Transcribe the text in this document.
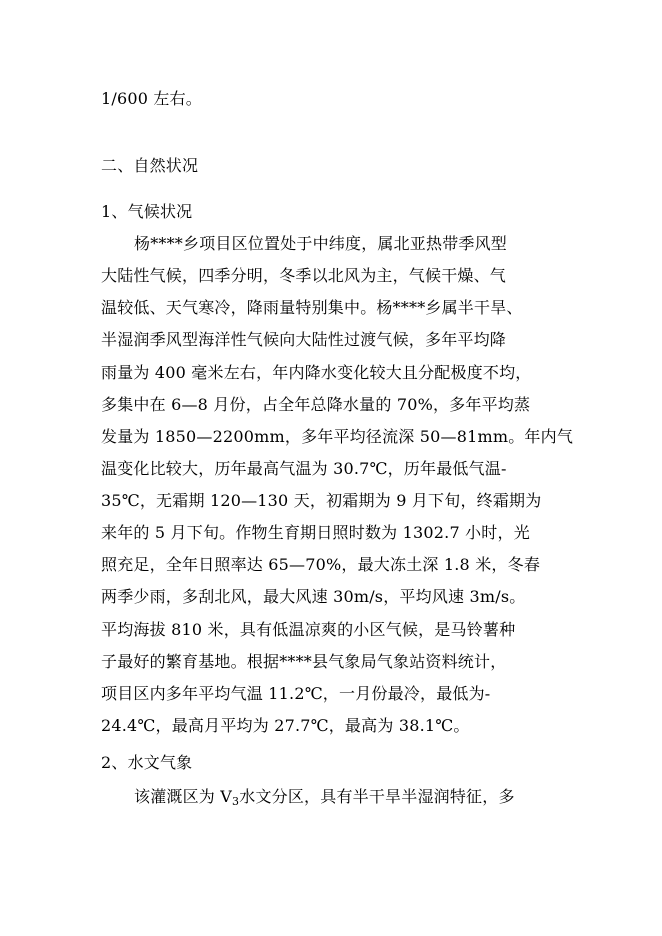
1/600 左右。
二、自然状况
1、气候状况
杨****乡项目区位置处于中纬度，属北亚热带季风型
大陆性气候，四季分明，冬季以北风为主，气候干燥、气
温较低、天气寒冷，降雨量特别集中。杨****乡属半干旱、
半湿润季风型海洋性气候向大陆性过渡气候，多年平均降
雨量为 400 毫米左右，年内降水变化较大且分配极度不均，
多集中在 6—8 月份，占全年总降水量的 70%，多年平均蒸
发量为 1850—2200mm，多年平均径流深 50—81mm。年内气
温变化比较大，历年最高气温为 30.7℃，历年最低气温-
35℃，无霜期 120—130 天，初霜期为 9 月下旬，终霜期为
来年的 5 月下旬。作物生育期日照时数为 1302.7 小时，光
照充足，全年日照率达 65—70%，最大冻土深 1.8 米，冬春
两季少雨，多刮北风，最大风速 30m/s，平均风速 3m/s。
平均海拔 810 米，具有低温凉爽的小区气候，是马铃薯种
子最好的繁育基地。根据****县气象局气象站资料统计，
项目区内多年平均气温 11.2℃，一月份最冷，最低为-
24.4℃，最高月平均为 27.7℃，最高为 38.1℃。
2、水文气象
该灌溉区为 $V_3$水文分区，具有半干旱半湿润特征，多
